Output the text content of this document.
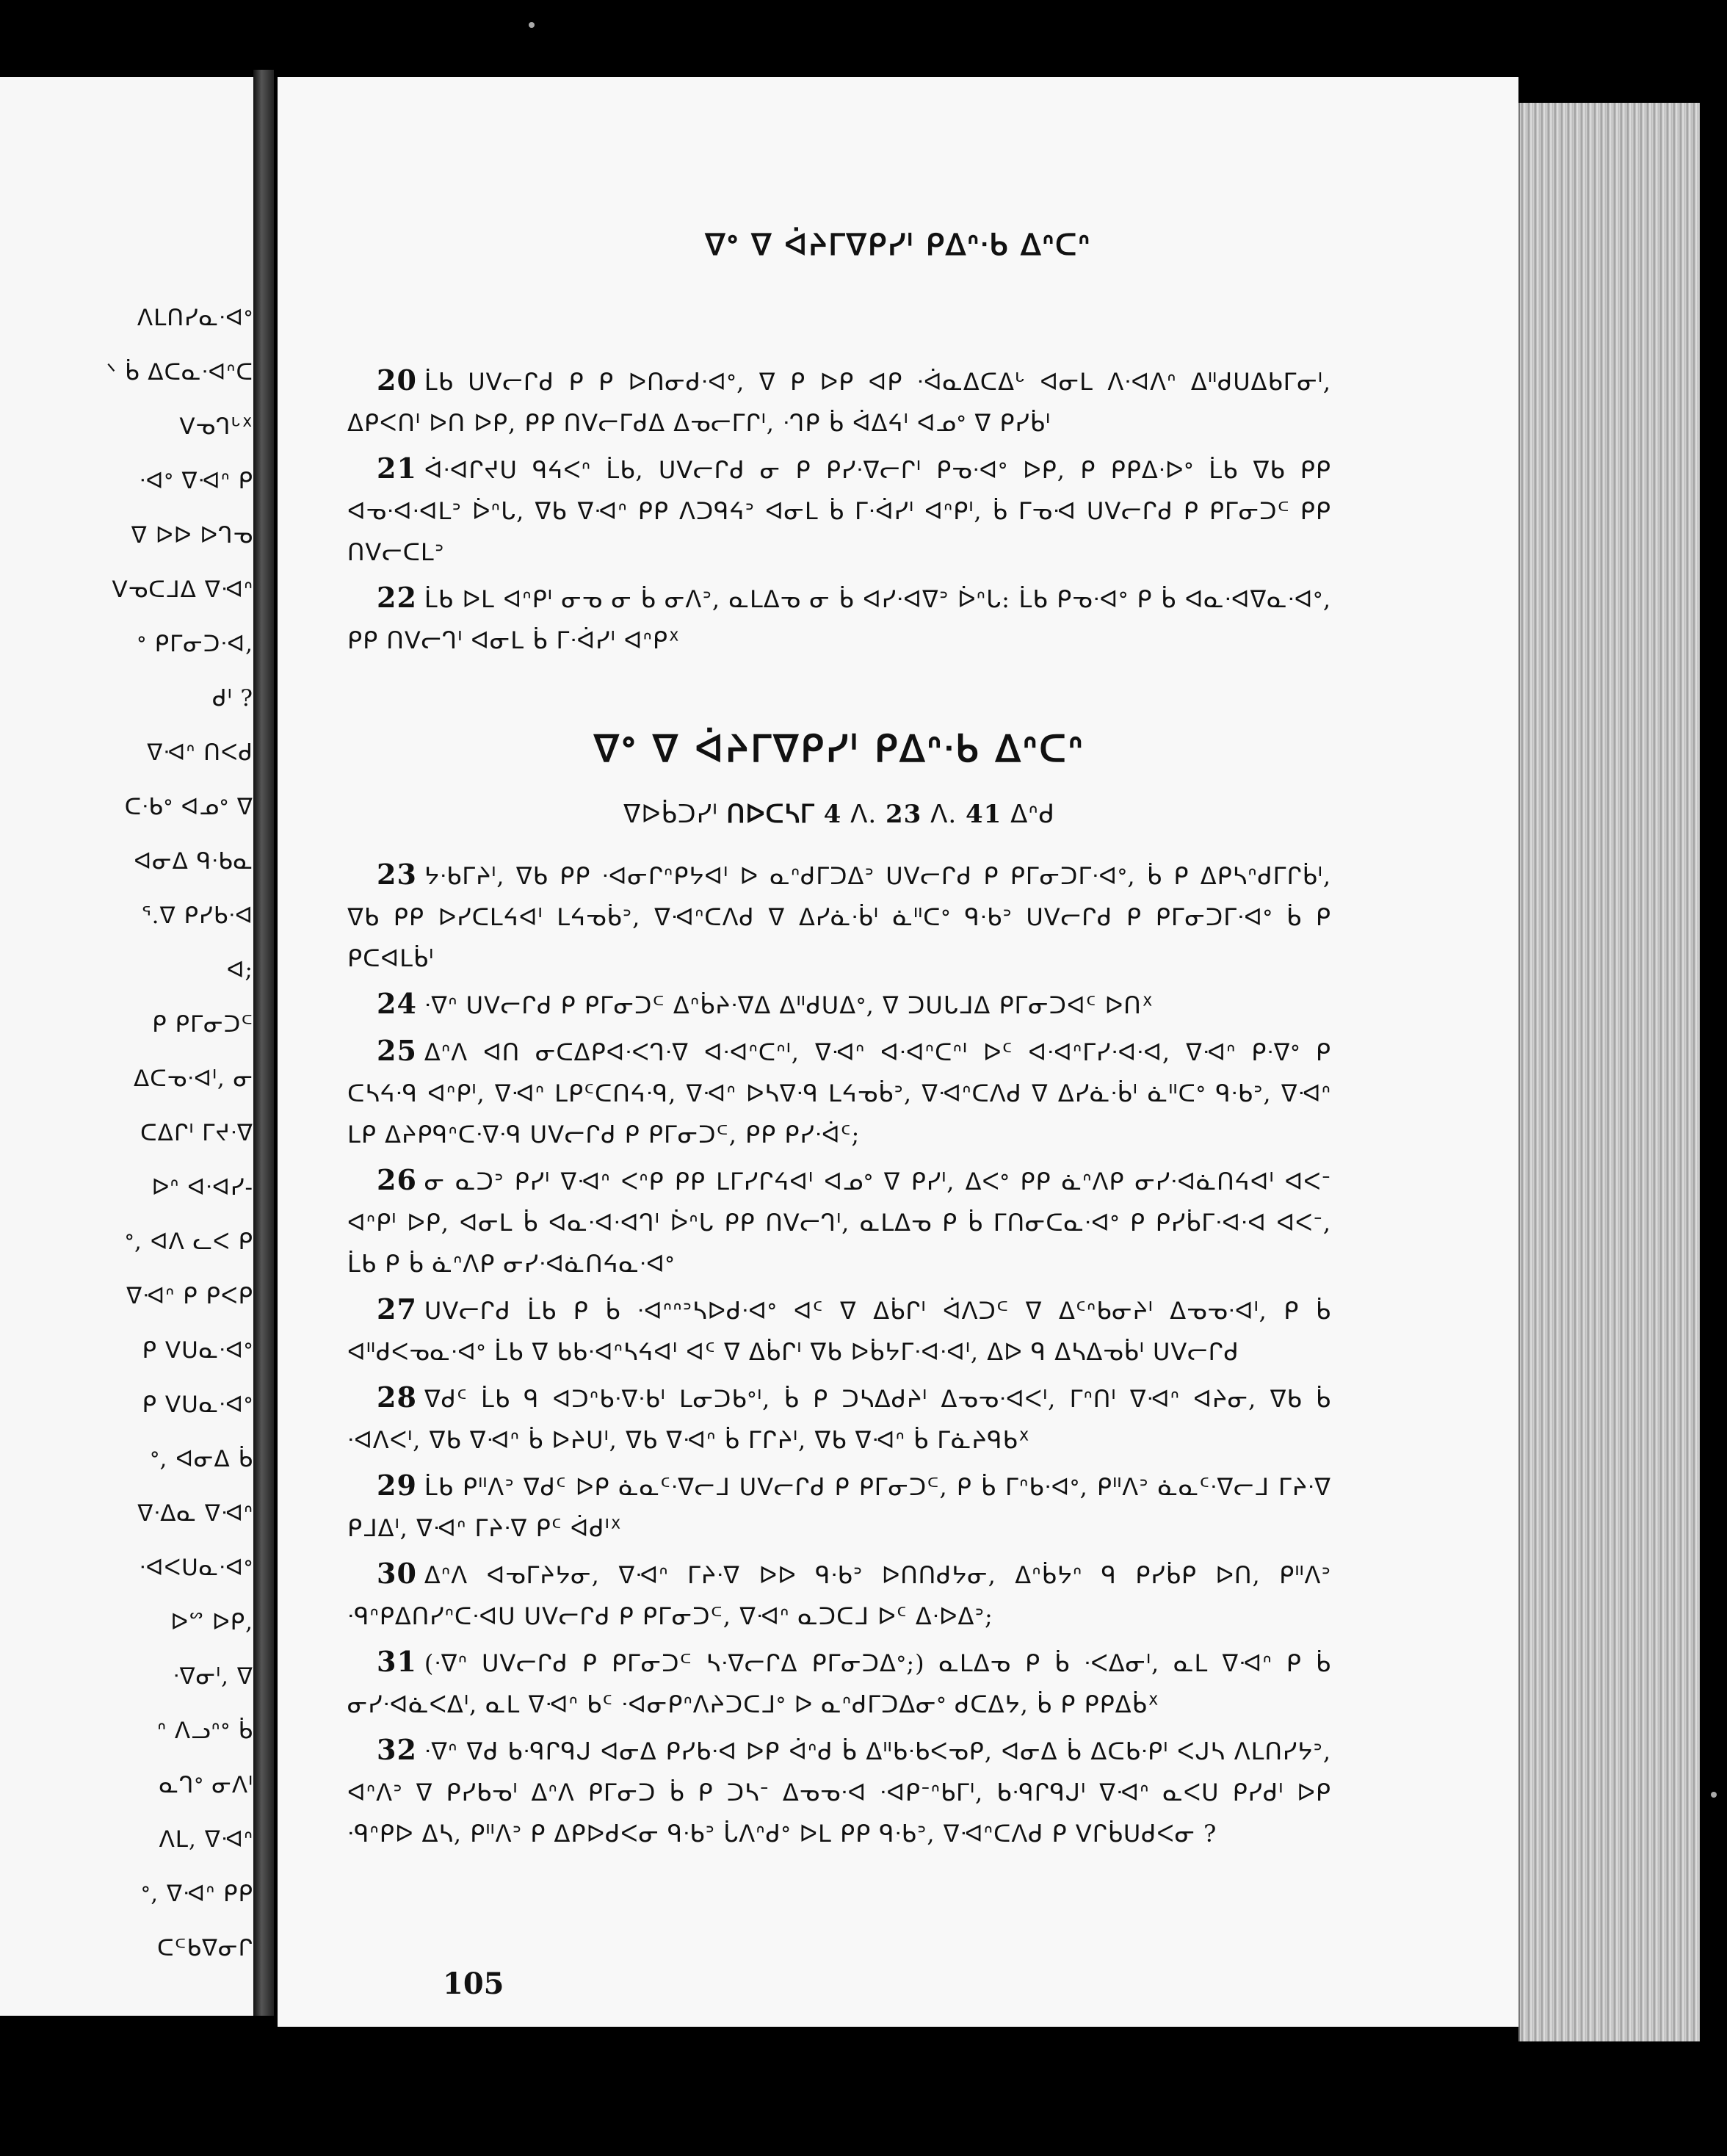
ᐱᒪᑎᓯᓇᐧᐊᐤ
ᐠ ᑳ ᐃᑕᓇᐧᐊᐢᑕ
ᐯᓀᒉᒡᕽ
ᐧᐊᐤ ᐁᐗᐢ ᑭ
ᐁ ᐅᐅ ᐅᒉᓀ
ᐯᓀᑕᒧᐃ ᐁᐗᐢ
ᐤ ᑭᒥᓂᑐᐧᐊ,
ᑯᑊ ?
ᐁᐗᐢ ᑎᐸᑯ
ᑕᐧᑲᐤ ᐊᓄᐤ ᐁ
ᐊᓂᐃ ᑫᐧᑲᓇ
ᕐ.ᐁ ᑭᓯᑲᐧᐊ
ᐊ;
ᑭ ᑭᒥᓂᑐᒼ
ᐃᑕᓀᐧᐊᑊ, ᓂ
ᑕᐃᒋᑊ ᒥᔪᐧᐁ
ᐅᐢ ᐊᐧᐊᓯ-
ᐤ, ᐊᐱ ᓚᐸ ᑭ
ᐁᐗᐢ ᑭ ᑭᐸᑭ
ᑭ ᐯᑌᓇᐧᐊᐤ
ᑭ ᐯᑌᓇᐧᐊᐤ
ᐤ, ᐊᓂᐃ ᑳ
ᐁᐧᐃᓇ ᐁᐗᐢ
ᐧᐊᐸᑌᓇᐧᐊᐤ
ᐅᔥ ᐅᑭ,
ᐧᐁᓂᑊ, ᐁ
ᐢ ᐱᓗᐢᐤ ᑳ
ᓇᒉᐤ ᓂᐱᑊ
ᐱᒪ, ᐁᐗᐢ
ᐤ, ᐁᐗᐢ ᑭᑭ
ᑕᒼᑲᐁᓂᒋ
ᐁᐤ ᐁ ᐋᔨᒥᐁᑭᓯᑊ ᑭᐃᐢᐧᑲ ᐃᐢᑕᐢ

20 ᒫᑲ ᑌᐯᓕᒋᑯ ᑭ ᑭ ᐅᑎᓂᑯᐧᐊᐤ, ᐁ ᑭ ᐅᑭ ᐊᑭ ᐧᐋᓇᐃᑕᐃᒡ ᐊᓂᒪ ᐱᐧᐊᐱᐢ ᐃᐦᑯᑌᐃᑲᒥᓂᑊ, ᐃᑭᐸᑎᑊ ᐅᑎ ᐅᑭ, ᑭᑭ ᑎᐯᓕᒥᑯᐃ ᐃᓀᓕᒥᒋᑊ, ᐧᒉᑭ ᑳ ᐋᐃᔦᑊ ᐊᓄᐤ ᐁ ᑭᓯᑳᑊ

21 ᐋᐧᐊᒋᔪᑌ ᑫᔦᐸᐢ ᒫᑲ, ᑌᐯᓕᒋᑯ ᓂ ᑭ ᑭᓯᐧᐁᓕᒋᑊ ᑭᓀᐧᐊᐤ ᐅᑭ, ᑭ ᑭᑭᐃᐧᐅᐤ ᒫᑲ ᐁᑲ ᑭᑭ ᐊᓀᐧᐊᐧᐊᒪᐣ ᐆᐢᒐ, ᐁᑲ ᐁᐗᐢ ᑭᑭ ᐱᑐᑫᔦᐣ ᐊᓂᒪ ᑳ ᒥᐧᐋᓯᑊ ᐊᐢᑭᑊ, ᑳ ᒥᓀᐗ ᑌᐯᓕᒋᑯ ᑭ ᑭᒥᓂᑐᒼ ᑭᑭ ᑎᐯᓕᑕᒪᐣ

22 ᒫᑲ ᐅᒪ ᐊᐢᑭᑊ ᓂᓀ ᓂ ᑳ ᓂᐱᐣ, ᓇᒪᐃᓀ ᓂ ᑳ ᐊᓯᐧᐊᐁᐣ ᐆᐢᒐ: ᒫᑲ ᑭᓀᐧᐊᐤ ᑭ ᑳ ᐊᓇᐧᐊᐁᓇᐧᐊᐤ, ᑭᑭ ᑎᐯᓕᒉᑊ ᐊᓂᒪ ᑳ ᒥᐧᐋᓯᑊ ᐊᐢᑭᕽ

ᐁᐤ ᐁ ᐋᔨᒥᐁᑭᓯᑊ ᑭᐃᐢᐧᑲ ᐃᐢᑕᐢ
ᐁᐅᑳᑐᓯᑊ ᑎᐅᑕᓴᒥ 4 ᐱ. 23 ᐱ. 41 ᐃᐢᑯ

23 ᔭᐧᑲᒥᔨᑊ, ᐁᑲ ᑭᑭ ᐧᐊᓂᒋᐢᑭᔭᐊᑊ ᐅ ᓇᐢᑯᒥᑐᐃᐣ ᑌᐯᓕᒋᑯ ᑭ ᑭᒥᓂᑐᒥᐧᐊᐤ, ᑳ ᑭ ᐃᑭᓴᐢᑯᒥᒋᑳᑊ, ᐁᑲ ᑭᑭ ᐅᓯᑕᒪᔦᐊᑊ ᒪᔦᓀᑳᐣ, ᐁᐗᐢᑕᐱᑯ ᐁ ᐃᓯᓈᐧᑳᑊ ᓈᐦᑕᐤ ᑫᐧᑲᐣ ᑌᐯᓕᒋᑯ ᑭ ᑭᒥᓂᑐᒥᐧᐊᐤ ᑳ ᑭ ᑭᑕᐊᒪᑳᑊ

24 ᐧᐁᐢ ᑌᐯᓕᒋᑯ ᑭ ᑭᒥᓂᑐᒼ ᐃᐢᑳᔨᐧᐁᐃ ᐃᐦᑯᑌᐃᐤ, ᐁ ᑐᑌᒐᒧᐃ ᑭᒥᓂᑐᐊᑦ ᐅᑎᕽ

25 ᐃᐢᐱ ᐊᑎ ᓂᑕᐃᑭᐊᐧᐸᒉᐧᐁ ᐊᐧᐊᐢᑕᐢᑊ, ᐁᐗᐢ ᐊᐧᐊᐢᑕᐢᑊ ᐅᑦ ᐊᐧᐊᐢᒥᓯᐧᐊᐧᐊ, ᐁᐗᐢ ᑭᐧᐁᐤ ᑭ ᑕᓴᔦᐧᑫ ᐊᐢᑭᑊ, ᐁᐗᐢ ᒪᑭᑦᑕᑎᔦᐧᑫ, ᐁᐗᐢ ᐅᓴᐁᐧᑫ ᒪᔦᓀᑳᐣ, ᐁᐗᐢᑕᐱᑯ ᐁ ᐃᓯᓈᐧᑳᑊ ᓈᐦᑕᐤ ᑫᐧᑲᐣ, ᐁᐗᐢ ᒪᑭ ᐃᔨᑭᑫᐢᑕᐧᐁᐧᑫ ᑌᐯᓕᒋᑯ ᑭ ᑭᒥᓂᑐᒼ, ᑭᑭ ᑭᓯᐧᐋᑦ;

26 ᓂ ᓇᑐᐣ ᑭᓯᑊ ᐁᐗᐢ ᐸᐢᑭ ᑭᑭ ᒪᒥᓯᒋᔦᐊᑊ ᐊᓄᐤ ᐁ ᑭᓯᑊ, ᐃᐸᐤ ᑭᑭ ᓈᐢᐱᑭ ᓂᓯᐧᐊᓈᑎᔦᐊᑊ ᐊᐸᐨ ᐊᐢᑭᑊ ᐅᑭ, ᐊᓂᒪ ᑳ ᐊᓇᐧᐊᐧᐊᒉᑊ ᐆᐢᒐ ᑭᑭ ᑎᐯᓕᒉᑊ, ᓇᒪᐃᓀ ᑭ ᑳ ᒥᑎᓂᑕᓇᐧᐊᐤ ᑭ ᑭᓯᑳᒥᐧᐊᐧᐊ ᐊᐸᐨ, ᒫᑲ ᑭ ᑳ ᓈᐢᐱᑭ ᓂᓯᐧᐊᓈᑎᔦᓇᐧᐊᐤ

27 ᑌᐯᓕᒋᑯ ᒫᑲ ᑭ ᑳ ᐧᐊᐢᐢᐣᓴᐅᑯᐧᐊᐤ ᐊᑦ ᐁ ᐃᑳᒋᑊ ᐋᐱᑐᒼ ᐁ ᐃᑦᐢᑲᓂᔨᑊ ᐃᓀᓀᐧᐊᑊ, ᑭ ᑳ ᐊᐦᑯᐸᓀᓇᐧᐊᐤ ᒫᑲ ᐁ ᑲᑲᐧᐊᐢᓴᔦᐊᑊ ᐊᑦ ᐁ ᐃᑳᒋᑊ ᐁᑲ ᐅᑳᔭᒥᐧᐊᐧᐊᑊ, ᐃᐅ ᑫ ᐃᓴᐃᓀᑳᑊ ᑌᐯᓕᒋᑯ

28 ᐁᑯᑦ ᒫᑲ ᑫ ᐊᑐᐢᑲᐧᐁᐧᑲᑊ ᒪᓂᑐᑲᐤᑊ, ᑳ ᑭ ᑐᓴᐃᑯᔨᑊ ᐃᓀᓀᐧᐊᐸᑊ, ᒥᐢᑎᑊ ᐁᐗᐢ ᐊᔨᓂ, ᐁᑲ ᑳ ᐧᐊᐱᐸᑊ, ᐁᑲ ᐁᐗᐢ ᑳ ᐅᔨᑌᑊ, ᐁᑲ ᐁᐗᐢ ᑳ ᒥᒋᔨᑊ, ᐁᑲ ᐁᐗᐢ ᑳ ᒥᓈᔨᑫᑲᕽ

29 ᒫᑲ ᑭᐦᐱᐣ ᐁᑯᑦ ᐅᑭ ᓈᓇᑦᐧᐁᓕᒧ ᑌᐯᓕᒋᑯ ᑭ ᑭᒥᓂᑐᒼ, ᑭ ᑳ ᒥᐢᑲᐧᐊᐤ, ᑭᐦᐱᐣ ᓈᓇᑦᐧᐁᓕᒧ ᒥᔨᐧᐁ ᑭᒧᐃᑊ, ᐁᐗᐢ ᒥᔨᐧᐁ ᑭᑦ ᐋᑯᑊᕽ

30 ᐃᐢᐱ ᐊᓀᒥᔨᔭᓂ, ᐁᐗᐢ ᒥᔨᐧᐁ ᐅᐅ ᑫᐧᑲᐣ ᐅᑎᑎᑯᔭᓂ, ᐃᐢᑳᔭᐢ ᑫ ᑭᓯᑳᑭ ᐅᑎ, ᑭᐦᐱᐣ ᐧᑫᐢᑭᐃᑎᓯᐢᑕᐧᐊᑌ ᑌᐯᓕᒋᑯ ᑭ ᑭᒥᓂᑐᒼ, ᐁᐗᐢ ᓇᑐᑕᒧ ᐅᑦ ᐃᐧᐅᐃᐣ;

31 (ᐧᐁᐢ ᑌᐯᓕᒋᑯ ᑭ ᑭᒥᓂᑐᒼ ᓴᐧᐁᓕᒋᐃ ᑭᒥᓂᑐᐃᐤ;) ᓇᒪᐃᓀ ᑭ ᑳ ᐧᐸᐃᓂᑊ, ᓇᒪ ᐁᐗᐢ ᑭ ᑳ ᓂᓯᐧᐊᓈᐸᐃᑊ, ᓇᒪ ᐁᐗᐢ ᑲᑦ ᐧᐊᓂᑭᐢᐱᔨᑐᑕᒧᐤ ᐅ ᓇᐢᑯᒥᑐᐃᓂᐤ ᑯᑕᐃᔭ, ᑳ ᑭ ᑭᑭᐃᑳᕽ

32 ᐧᐁᐢ ᐁᑯ ᑲᐧᑫᒋᑫᒍ ᐊᓂᐃ ᑭᓯᑲᐧᐊ ᐅᑭ ᐋᐢᑯ ᑳ ᐃᐦᑲᐧᑲᐸᓀᑭ, ᐊᓂᐃ ᑳ ᐃᑕᑲᐧᑭᑊ ᐸᒍᓴ ᐱᒪᑎᓯᔭᐣ, ᐊᐢᐱᐣ ᐁ ᑭᓯᑲᓀᑊ ᐃᐢᐱ ᑭᒥᓂᑐ ᑳ ᑭ ᑐᓴᐨ ᐃᓀᓀᐧᐊ ᐧᐊᑭᐨᐢᑲᒥᑊ, ᑲᐧᑫᒋᑫᒍᑊ ᐁᐗᐢ ᓇᐸᑌ ᑭᓯᑯᑊ ᐅᑭ ᐧᑫᐢᑭᐅ ᐃᓴ, ᑭᐦᐱᐣ ᑭ ᐃᑭᐅᑯᐸᓂ ᑫᐧᑲᐣ ᒑᐱᐢᑯᐤ ᐅᒪ ᑭᑭ ᑫᐧᑲᐣ, ᐁᐗᐢᑕᐱᑯ ᑭ ᐯᒋᑳᑌᑯᐸᓂ ?

105
